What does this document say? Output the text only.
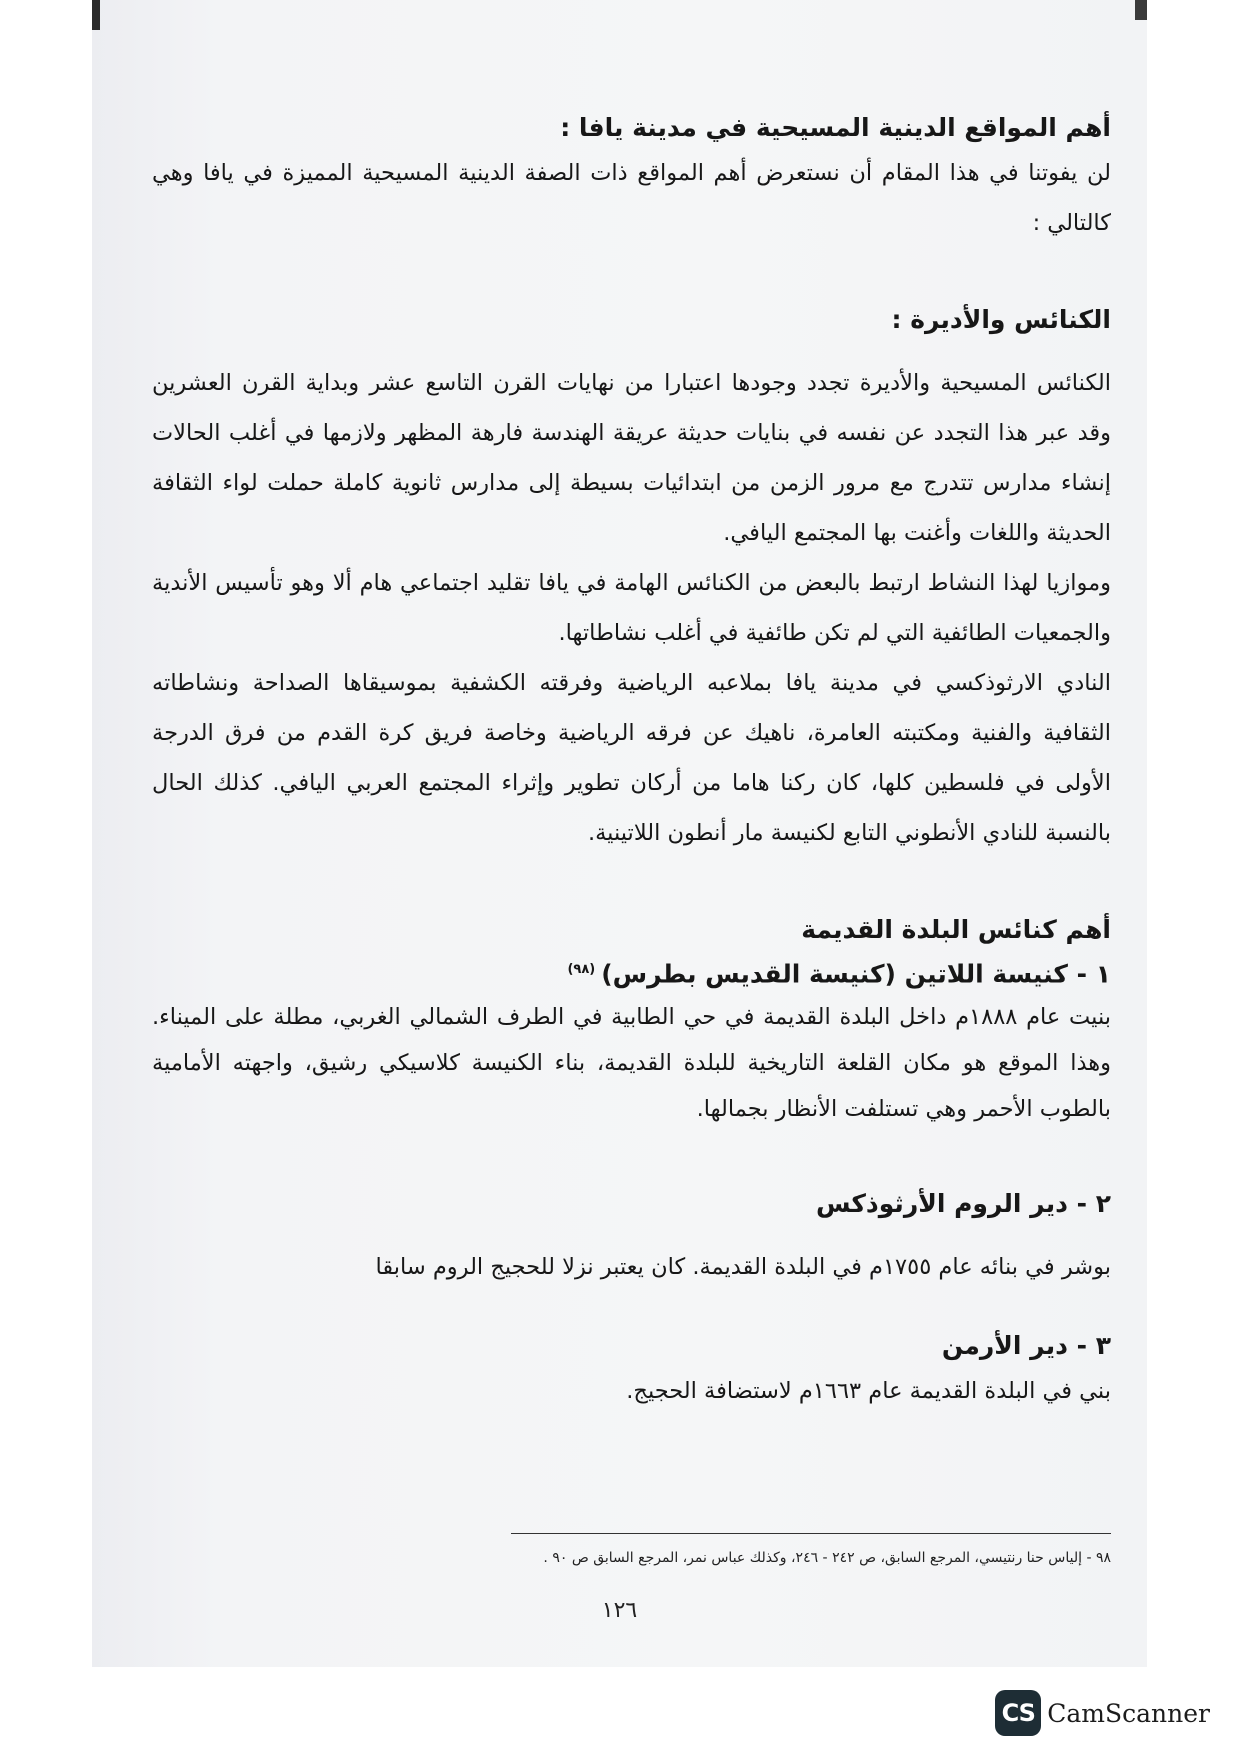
أهم المواقع الدينية المسيحية في مدينة يافا :

لن يفوتنا في هذا المقام أن نستعرض أهم المواقع ذات الصفة الدينية المسيحية المميزة في يافا وهي كالتالي :

الكنائس والأديرة :

الكنائس المسيحية والأديرة تجدد وجودها اعتبارا من نهايات القرن التاسع عشر وبداية القرن العشرين وقد عبر هذا التجدد عن نفسه في بنايات حديثة عريقة الهندسة فارهة المظهر ولازمها في أغلب الحالات إنشاء مدارس تتدرج مع مرور الزمن من ابتدائيات بسيطة إلى مدارس ثانوية كاملة حملت لواء الثقافة الحديثة واللغات وأغنت بها المجتمع اليافي.

وموازيا لهذا النشاط ارتبط بالبعض من الكنائس الهامة في يافا تقليد اجتماعي هام ألا وهو تأسيس الأندية والجمعيات الطائفية التي لم تكن طائفية في أغلب نشاطاتها.

النادي الارثوذكسي في مدينة يافا بملاعبه الرياضية وفرقته الكشفية بموسيقاها الصداحة ونشاطاته الثقافية والفنية ومكتبته العامرة، ناهيك عن فرقه الرياضية وخاصة فريق كرة القدم من فرق الدرجة الأولى في فلسطين كلها، كان ركنا هاما من أركان تطوير وإثراء المجتمع العربي اليافي. كذلك الحال بالنسبة للنادي الأنطوني التابع لكنيسة مار أنطون اللاتينية.

أهم كنائس البلدة القديمة

١ - كنيسة اللاتين (كنيسة القديس بطرس)$^{(٩٨)}$

بنيت عام ١٨٨٨م داخل البلدة القديمة في حي الطابية في الطرف الشمالي الغربي، مطلة على الميناء. وهذا الموقع هو مكان القلعة التاريخية للبلدة القديمة، بناء الكنيسة كلاسيكي رشيق، واجهته الأمامية بالطوب الأحمر وهي تستلفت الأنظار بجمالها.

٢ - دير الروم الأرثوذكس

بوشر في بنائه عام ١٧٥٥م في البلدة القديمة. كان يعتبر نزلا للحجيج الروم سابقا

٣ - دير الأرمن

بني في البلدة القديمة عام ١٦٦٣م لاستضافة الحجيج.

٩٨ - إلياس حنا رنتيسي، المرجع السابق، ص ٢٤٢ - ٢٤٦، وكذلك عباس نمر، المرجع السابق ص ٩٠ .
١٢٦
CS CamScanner
